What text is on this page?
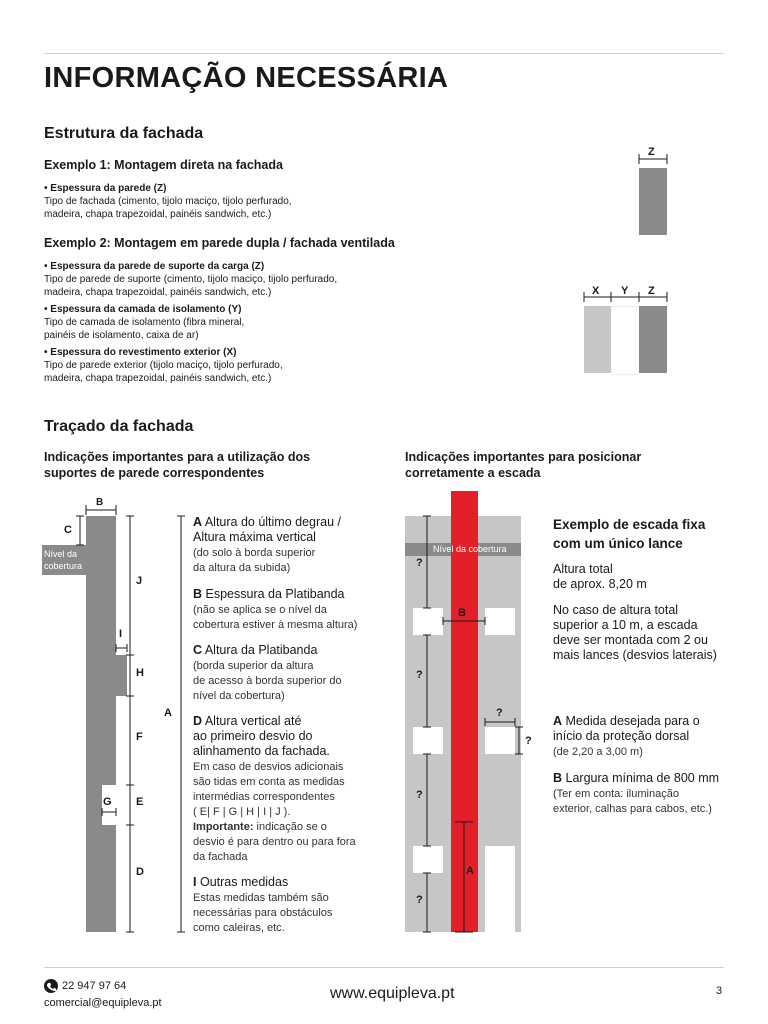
INFORMAÇÃO NECESSÁRIA
Estrutura da fachada
Exemplo 1: Montagem direta na fachada
• Espessura da parede (Z)
Tipo de fachada (cimento, tijolo maciço, tijolo perfurado,
madeira, chapa trapezoidal, painéis sandwich, etc.)
Exemplo 2: Montagem em parede dupla / fachada ventilada
• Espessura da parede de suporte da carga (Z)
Tipo de parede de suporte (cimento, tijolo maciço, tijolo perfurado,
madeira, chapa trapezoidal, painéis sandwich, etc.)
• Espessura da camada de isolamento (Y)
Tipo de camada de isolamento (fibra mineral,
painéis de isolamento, caixa de ar)
• Espessura do revestimento exterior (X)
Tipo de parede exterior (tijolo maciço, tijolo perfurado,
madeira, chapa trapezoidal, painéis sandwich, etc.)
Z
X Y Z
Traçado da fachada
Indicações importantes para a utilização dos
suportes de parede correspondentes
Indicações importantes para posicionar
corretamente a escada
Nível da
cobertura
B
C
J
I
H
F
G E
D
A
A Altura do último degrau /
Altura máxima vertical
(do solo à borda superior
da altura da subida)
B Espessura da Platibanda
(não se aplica se o nível da
cobertura estiver à mesma altura)
C Altura da Platibanda
(borda superior da altura
de acesso à borda superior do
nível da cobertura)
D Altura vertical até
ao primeiro desvio do
alinhamento da fachada.
Em caso de desvios adicionais
são tidas em conta as medidas
intermédias correspondentes
( E| F | G | H | I | J ).
Importante: indicação se o
desvio é para dentro ou para fora
da fachada
I Outras medidas
Estas medidas também são
necessárias para obstáculos
como caleiras, etc.
Nível da cobertura
?
?
?
?
?
?
B
A
Exemplo de escada fixa
com um único lance
Altura total
de aprox. 8,20 m
No caso de altura total
superior a 10 m, a escada
deve ser montada com 2 ou
mais lances (desvios laterais)
A Medida desejada para o
início da proteção dorsal
(de 2,20 a 3,00 m)
B Largura mínima de 800 mm
(Ter em conta: iluminação
exterior, calhas para cabos, etc.)
22 947 97 64
comercial@equipleva.pt
www.equipleva.pt	3
